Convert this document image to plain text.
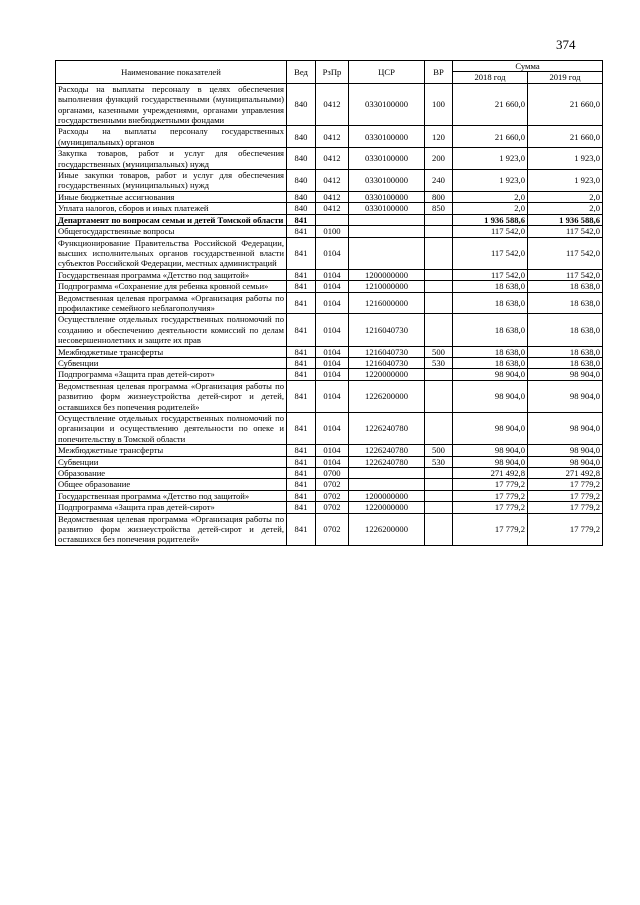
374
Наименование показателей	Вед	РзПр	ЦСР	ВР	Сумма	
					2018 год	2019 год
Расходы на выплаты персоналу в целях обеспечения выполнения функций государственными (муниципальными) органами, казенными учреждениями, органами управления государственными внебюджетными фондами	840	0412	0330100000	100	21 660,0	21 660,0
Расходы на выплаты персоналу государственных (муниципальных) органов	840	0412	0330100000	120	21 660,0	21 660,0
Закупка товаров, работ и услуг для обеспечения государственных (муниципальных) нужд	840	0412	0330100000	200	1 923,0	1 923,0
Иные закупки товаров, работ и услуг для обеспечения государственных (муниципальных) нужд	840	0412	0330100000	240	1 923,0	1 923,0
Иные бюджетные ассигнования	840	0412	0330100000	800	2,0	2,0
Уплата налогов, сборов и иных платежей	840	0412	0330100000	850	2,0	2,0
Департамент по вопросам семьи и детей Томской области	841				1 936 588,6	1 936 588,6
Общегосударственные вопросы	841	0100			117 542,0	117 542,0
Функционирование Правительства Российской Федерации, высших исполнительных органов государственной власти субъектов Российской Федерации, местных администраций	841	0104			117 542,0	117 542,0
Государственная программа «Детство под защитой»	841	0104	1200000000		117 542,0	117 542,0
Подпрограмма «Сохранение для ребенка кровной семьи»	841	0104	1210000000		18 638,0	18 638,0
Ведомственная целевая программа «Организация работы по профилактике семейного неблагополучия»	841	0104	1216000000		18 638,0	18 638,0
Осуществление отдельных государственных полномочий по созданию и обеспечению деятельности комиссий по делам несовершеннолетних и защите их прав	841	0104	1216040730		18 638,0	18 638,0
Межбюджетные трансферты	841	0104	1216040730	500	18 638,0	18 638,0
Субвенции	841	0104	1216040730	530	18 638,0	18 638,0
Подпрограмма «Защита прав детей-сирот»	841	0104	1220000000		98 904,0	98 904,0
Ведомственная целевая программа «Организация работы по развитию форм жизнеустройства детей-сирот и детей, оставшихся без попечения родителей»	841	0104	1226200000		98 904,0	98 904,0
Осуществление отдельных государственных полномочий по организации и осуществлению деятельности по опеке и попечительству в Томской области	841	0104	1226240780		98 904,0	98 904,0
Межбюджетные трансферты	841	0104	1226240780	500	98 904,0	98 904,0
Субвенции	841	0104	1226240780	530	98 904,0	98 904,0
Образование	841	0700			271 492,8	271 492,8
Общее образование	841	0702			17 779,2	17 779,2
Государственная программа «Детство под защитой»	841	0702	1200000000		17 779,2	17 779,2
Подпрограмма «Защита прав детей-сирот»	841	0702	1220000000		17 779,2	17 779,2
Ведомственная целевая программа «Организация работы по развитию форм жизнеустройства детей-сирот и детей, оставшихся без попечения родителей»	841	0702	1226200000		17 779,2	17 779,2
